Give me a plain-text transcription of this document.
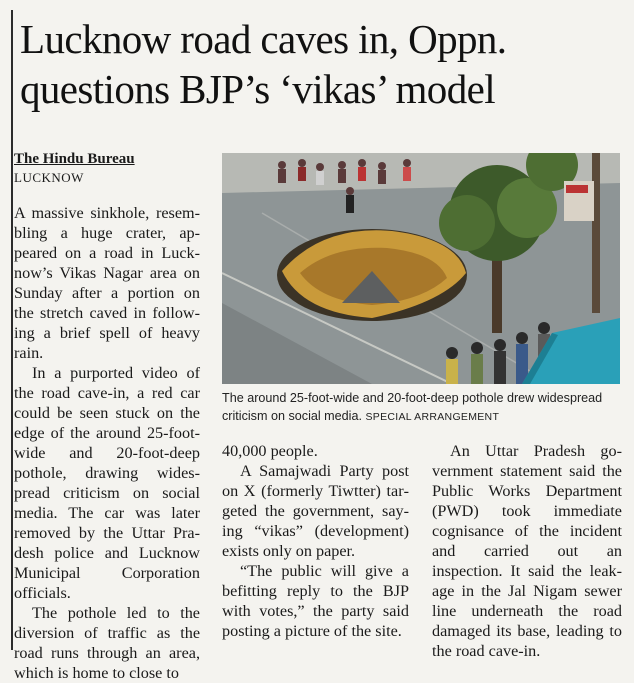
Lucknow road caves in, Oppn.
questions BJP’s ‘vikas’ model
The Hindu Bureau
LUCKNOW

A massive sinkhole, resembling a huge crater, appeared on a road in Lucknow’s Vikas Nagar area on Sunday after a portion on the stretch caved in following a brief spell of heavy rain.

In a purported video of the road cave-in, a red car could be seen stuck on the edge of the around 25-foot-wide and 20-foot-deep pothole, drawing widespread criticism on social media. The car was later removed by the Uttar Pradesh police and Lucknow Municipal Corporation officials.

The pothole led to the diversion of traffic as the road runs through an area, which is home to close to

The around 25-foot-wide and 20-foot-deep pothole drew widespread criticism on social media. SPECIAL ARRANGEMENT

40,000 people.

A Samajwadi Party post on X (formerly Tiwtter) targeted the government, saying “vikas” (development) exists only on paper.

“The public will give a befitting reply to the BJP with votes,” the party said posting a picture of the site.

An Uttar Pradesh government statement said the Public Works Department (PWD) took immediate cognisance of the incident and carried out an inspection. It said the leakage in the Jal Nigam sewer line underneath the road damaged its base, leading to the road cave-in.
